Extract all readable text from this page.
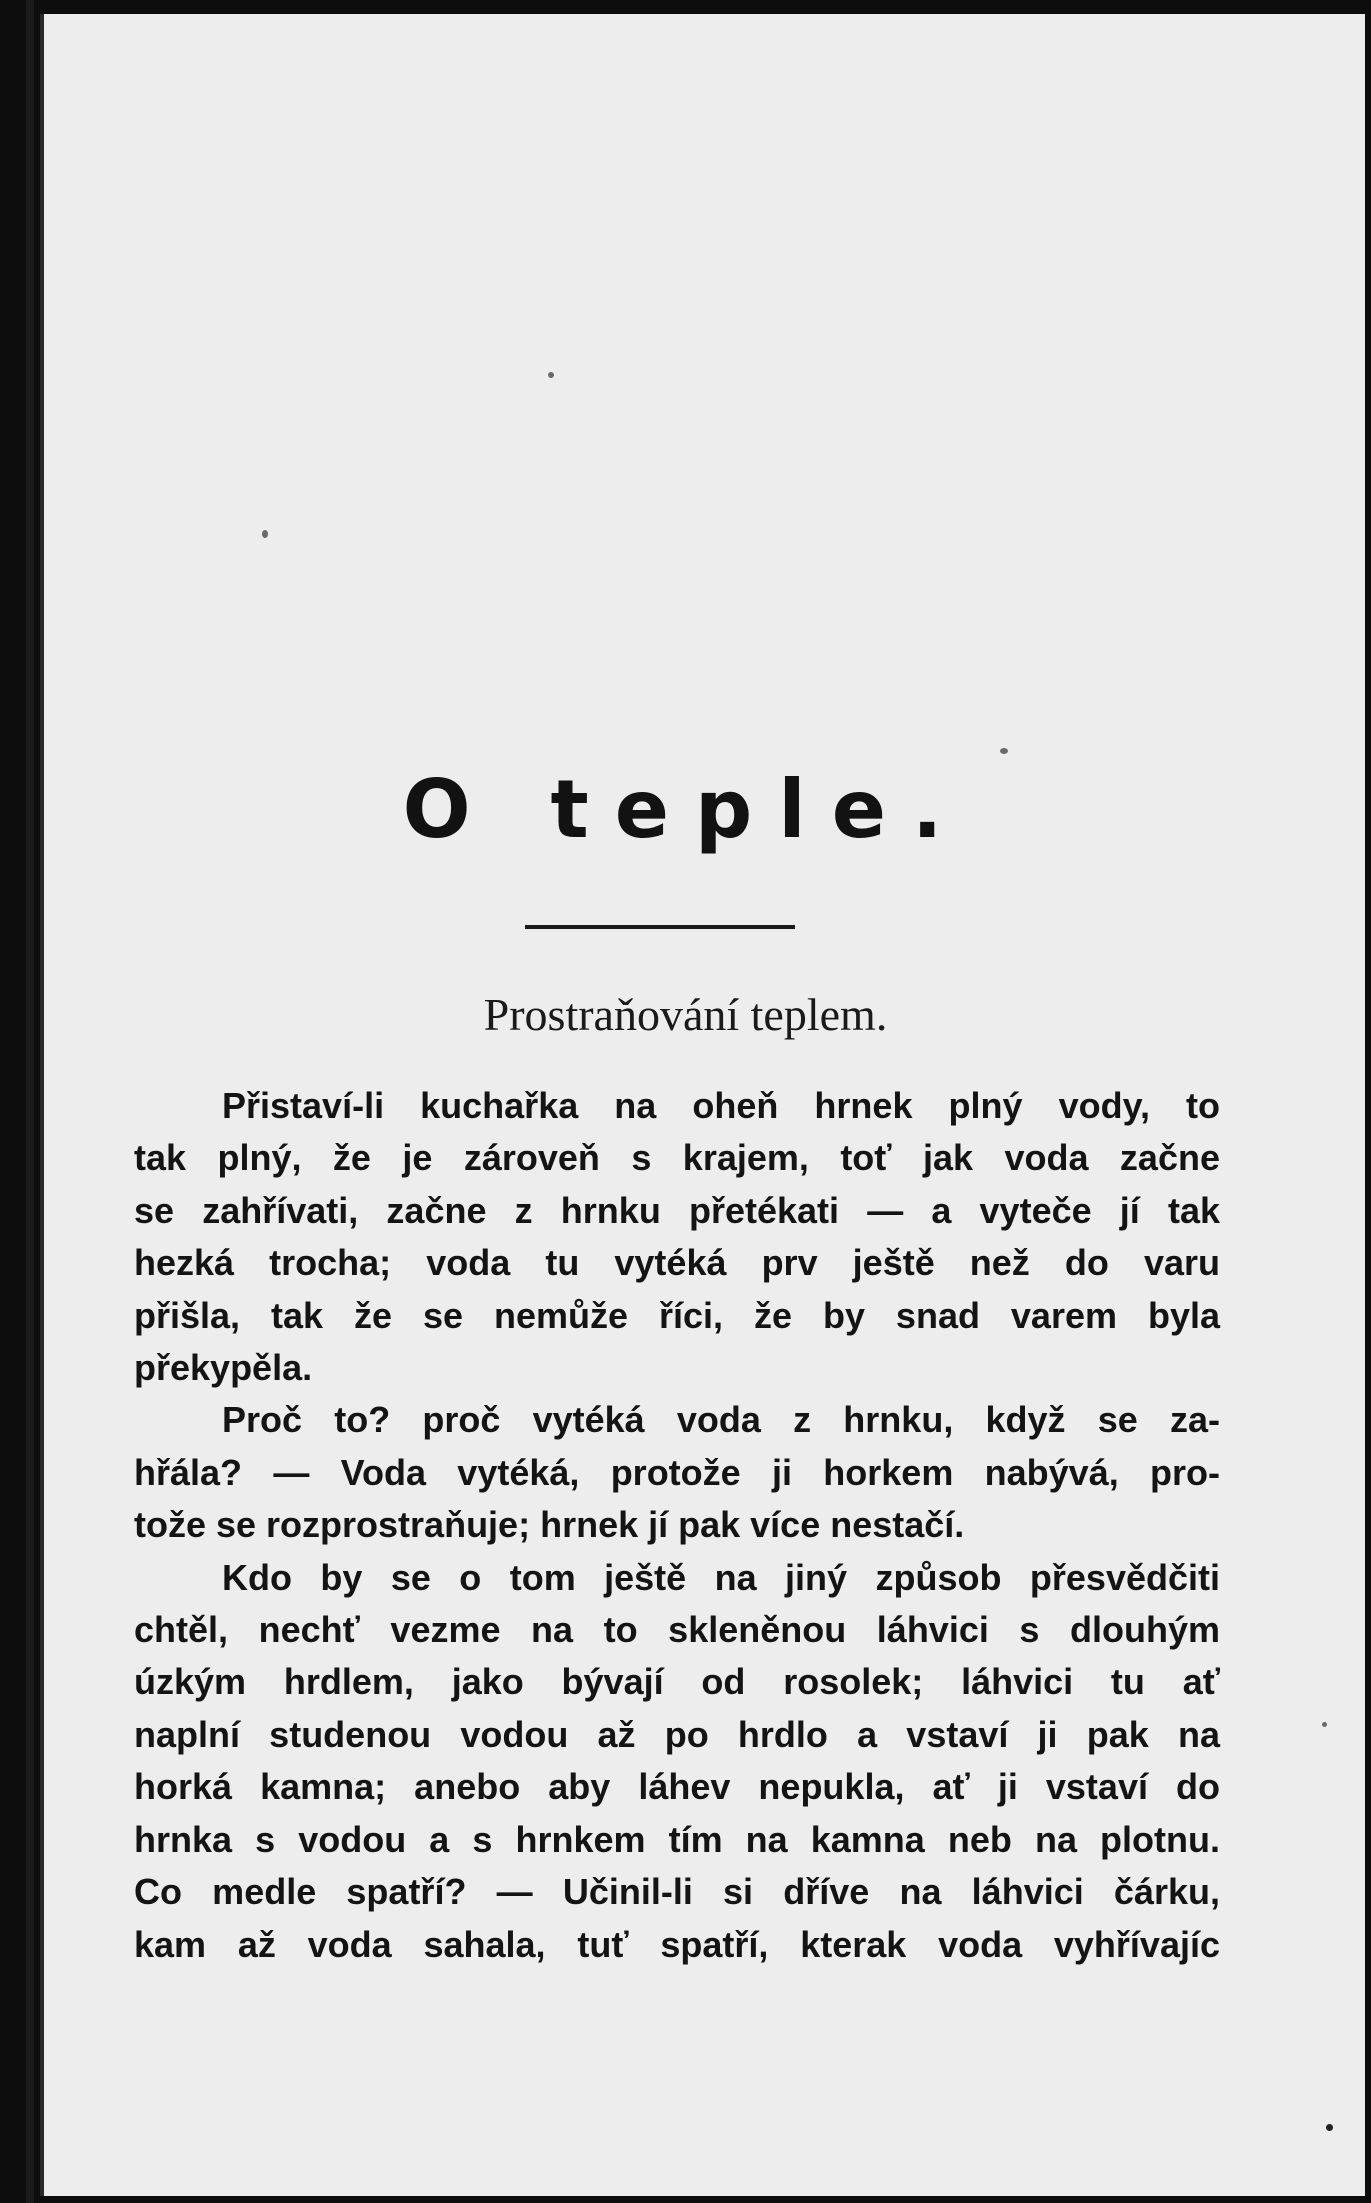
O teple.
Prostraňování teplem.
Přistaví-li kuchařka na oheň hrnek plný vody, to
tak plný, že je zároveň s krajem, toť jak voda začne
se zahřívati, začne z hrnku přetékati — a vyteče jí tak
hezká trocha; voda tu vytéká prv ještě než do varu
přišla, tak že se nemůže říci, že by snad varem byla
překypěla.
Proč to? proč vytéká voda z hrnku, když se za-
hřála? — Voda vytéká, protože ji horkem nabývá, pro-
tože se rozprostraňuje; hrnek jí pak více nestačí.
Kdo by se o tom ještě na jiný způsob přesvědčiti
chtěl, nechť vezme na to skleněnou láhvici s dlouhým
úzkým hrdlem, jako bývají od rosolek; láhvici tu ať
naplní studenou vodou až po hrdlo a vstaví ji pak na
horká kamna; anebo aby láhev nepukla, ať ji vstaví do
hrnka s vodou a s hrnkem tím na kamna neb na plotnu.
Co medle spatří? — Učinil-li si dříve na láhvici čárku,
kam až voda sahala, tuť spatří, kterak voda vyhřívajíc
